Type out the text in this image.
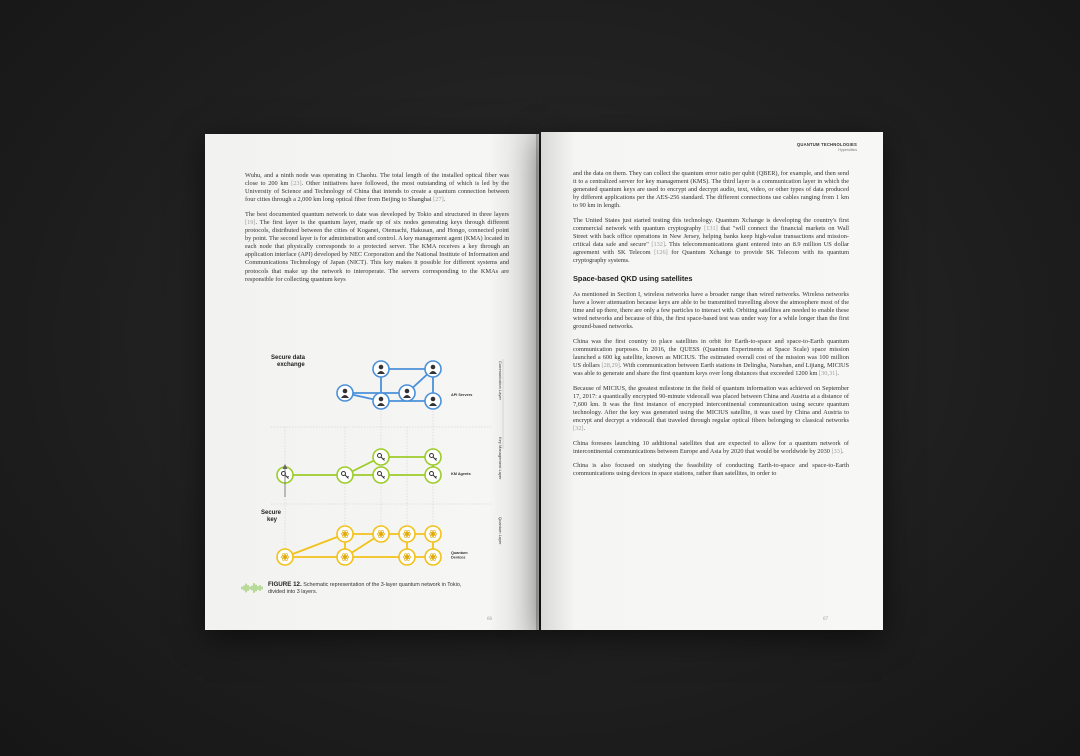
Wuhu, and a ninth node was operating in Chaohu. The total length of the installed optical fiber was close to 200 km [23]. Other initiatives have followed, the most outstanding of which is led by the University of Science and Technology of China that intends to create a quantum connection between four cities through a 2,000 km long optical fiber from Beijing to Shanghai [27].

The best documented quantum network to date was developed by Tokio and structured in three layers [19]. The first layer is the quantum layer, made up of six nodes generating keys through different protocols, distributed between the cities of Koganei, Otemachi, Hakusan, and Hongo, connected point by point. The second layer is for administration and control. A key management agent (KMA) located in each node that physically corresponds to a protected server. The KMA receives a key through an application interface (API) developed by NEC Corporation and the National Institute of Information and Communications Technology of Japan (NICT). This key makes it possible for different systems and protocols that make up the network to interoperate. The servers corresponding to the KMAs are responsible for collecting quantum keys

Secure data exchange
Secure key
API Servers
KM Agents
Quantum Devices
Communication Layer
Key Management Layer
Quantum Layer
FIGURE 12. Schematic representation of the 3-layer quantum network in Tokio, divided into 3 layers.
66
QUANTUM TECHNOLOGIES
Hyperolitics

and the data on them. They can collect the quantum error ratio per qubit (QBER), for example, and then send it to a centralized server for key management (KMS). The third layer is a communication layer in which the generated quantum keys are used to encrypt and decrypt audio, text, video, or other types of data produced by different applications per the AES-256 standard. The different connections use cables ranging from 1 km to 90 km in length.

The United States just started testing this technology. Quantum Xchange is developing the country's first commercial network with quantum cryptography [131] that "will connect the financial markets on Wall Street with back office operations in New Jersey, helping banks keep high-value transactions and mission-critical data safe and secure" [132]. This telecommunications giant entered into an 8.9 million US dollar agreement with SK Telecom [126] for Quantum Xchange to provide SK Telecom with its quantum cryptography systems.

Space-based QKD using satellites

As mentioned in Section I, wireless networks have a broader range than wired networks. Wireless networks have a lower attenuation because keys are able to be transmitted travelling above the atmosphere most of the time and up there, there are only a few particles to interact with. Orbiting satellites are needed to enable these wired networks and because of this, the first space-based test was under way for a while longer than the first ground-based networks.

China was the first country to place satellites in orbit for Earth-to-space and space-to-Earth quantum communication purposes. In 2016, the QUESS (Quantum Experiments at Space Scale) space mission launched a 600 kg satellite, known as MICIUS. The estimated overall cost of the mission was 100 million US dollars [28,29]. With communication between Earth stations in Delingha, Nanshan, and Lijiang, MICIUS was able to generate and share the first quantum keys over long distances that exceeded 1200 km [30,31].

Because of MICIUS, the greatest milestone in the field of quantum information was achieved on September 17, 2017: a quantically encrypted 90-minute videocall was placed between China and Austria at a distance of 7,600 km. It was the first instance of encrypted intercontinental communication using secure quantum technology. After the key was generated using the MICIUS satellite, it was used by China and Austria to encrypt and decrypt a videocall that traveled through regular optical fibers belonging to classical networks [32].

China foresees launching 10 additional satellites that are expected to allow for a quantum network of intercontinental communications between Europe and Asia by 2020 that would be worldwide by 2030 [33].

China is also focused on studying the feasibility of conducting Earth-to-space and space-to-Earth communications using devices in space stations, rather than satellites, in order to

67
